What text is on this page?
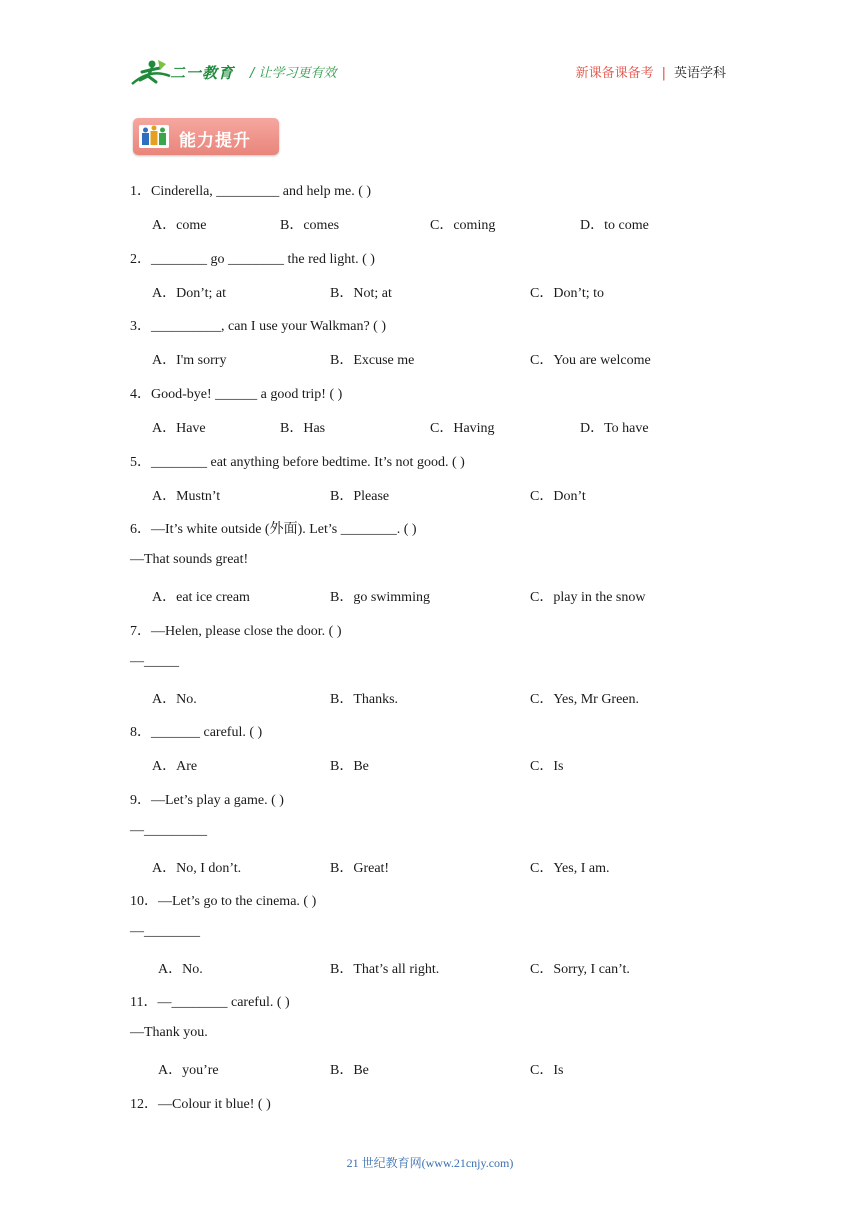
二一教育 / 让学习更有效	新课备课备考 | 英语学科
能力提升
1．Cinderella, _________ and help me. ( )
A．come	B．comes	C．coming	D．to come
2．________ go ________ the red light. ( )
A．Don’t; at	B．Not; at	C．Don’t; to
3．__________, can I use your Walkman? ( )
A．I'm sorry	B．Excuse me	C．You are welcome
4．Good-bye! ______ a good trip! ( )
A．Have	B．Has	C．Having	D．To have
5．________ eat anything before bedtime. It’s not good. ( )
A．Mustn’t	B．Please	C．Don’t
6．—It’s white outside (外面). Let’s ________. ( )
—That sounds great!
A．eat ice cream	B．go swimming	C．play in the snow
7．—Helen, please close the door. ( )
—_____
A．No.	B．Thanks.	C．Yes, Mr Green.
8．_______ careful. ( )
A．Are	B．Be	C．Is
9．—Let’s play a game. ( )
—_________
A．No, I don’t.	B．Great!	C．Yes, I am.
10．—Let’s go to the cinema. ( )
—________
A．No.	B．That’s all right.	C．Sorry, I can’t.
11．—________ careful. ( )
—Thank you.
A．you’re	B．Be	C．Is
12．—Colour it blue! ( )
21 世纪教育网(www.21cnjy.com)
